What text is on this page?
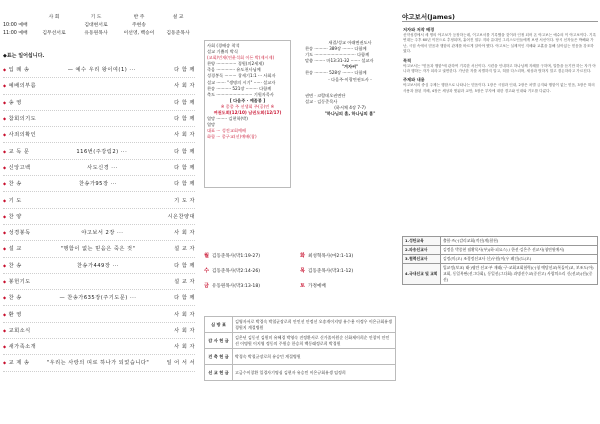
사 회	기 도	반 주	설 교
10:00 예배	김대현서로	주현송
11:00 예배	김무선서로	유동원목사	이선영, 백승이	김동준목사
◆표는 일어섭니다.
◆ 입 례 송	— 예수 우리 왕이여(1) ···	다 함 께
◆ 예배의부름	사 회 자
◆ 송 영	다 함 께
◆ 참회의기도	다 함 께
◆ 사죄의확인	사 회 자
◆ 교 독 문	116번(주강림2) ···	다 함 께
◆ 신앙고백	사도신경 ···	다 함 께
◆ 찬 송	찬송가95장 ···	다 함 께
◆ 기 도	기 도 자
◆ 찬 양	시온찬양대
◆ 성경봉독	야고보서 2장 ···	사 회 자
◆ 설 교	"행함이 없는 믿음은 죽은 것"	설 교 자
◆ 찬 송	찬송가449장 ···	다 함 께
◆ 봉헌기도	설 교 자
◆ 찬 송	— 찬송가635장(주기도문) ···	다 함 께
◆ 환 영	사 회 자
◆ 교회소식	사 회 자
◆ 새가족소개	사 회 자
◆ 교 제 송	"우리는 사랑의 띠로 하나가 되었습니다"	일 어 서 서
사회 (경배송 착석
설교 기쁨의 박식
(교회/민재(연윤석회 이든 박(제시제)
찬양 ··············· 경원(의2세제)
죽음 ·············· 유도천사님예
성경봉독 ········· 창세기1:1 ··· 사회자
설교 ······· "생명의 시기" ······ 설교자
찬송 ··········· 521장 ········· 다함께
축도 ··························· 기원자목사
[ 다음주 · 예꼼봉 ]
※ 종종 주 선생회 주(공)민 ※
여권도회(12/10) 남권도회(12/17)
열망 ········ 김현학(박)
열망
대표 ··· 성전교회예배
화합 ··· 종구교(선)예배(참)
새결/성교 아래면권도사
찬송 ·········· 389장 ········ 다함께
기도 ······························· 다함께
말씀 ········ 마13:31-32 ······· 설교자
"겨자씨"
찬송 ·········· 528장 ········ 다함께
- 다음주-이광연권도사 -
권면 · 코람데오권면단
설교 · 김동준목사
(하서체 4장 7-7)
"하나님의 흠, 하나님의 흠"
월 김동준목사(막1:19-27)	화 최성혁목사(마2:1-13)
수 김동준목사(막2:14-26)	목 김동준목사(막3:1-12)
금 유동원목사(막3:13-18)	토 가정예배
심 방 표	김영자서로 박경숙 박철균장로희 안인선 안정선 오송개이지명 유수용 이정우 이은규회유생 경원지 계절병원
감 사 헌 금	김은년 김동선 김원미 유혜경 박영숙 진정환서로 신가졸이원순 신화제이희순 안창이 안인선 이명원 이지영 정동의 주원승 한승희 백동래정로희 박경원
건 축 헌 금	박경숙 박철균장로희 유승민 계절병원
선 교 헌 금	고금수이창환 입경자기명심 김현자 유승민 이은규회유생 임정희
야고보서(James)
저자와 저작 배경

신약성경에서 세 명의 야고보가 등장하는데, 이고보서를 기록했을 것이라 인정 되어 온 야고보는 예수의 이 야고보이다. 기록 연대는 주후 60년 이전으로 추정되며, 흩어진 열두 지파 유대인 그리스도인들에게 보낸 서신이다. 당시 신자들은 박해와 가난, 시험 속에서 믿음과 행함의 관계를 바르게 알아야 했다. 야고보는 실제적인 지혜와 교훈을 통해 살아있는 믿음을 강조하였다.

목적

야고보서는 "믿음과 행함"에 관하여 기록한 서신이다. 시련을 인내하고 하나님께 지혜를 구하며, 말씀을 듣기만 하는 자가 아니라 행하는 자가 되라고 권면한다. 가난한 자를 차별하지 말고, 혀를 다스리며, 세상과 벗하지 말고 겸손하라고 가르친다.

주제와 내용

야고보서의 중심 주제는 행함으로 나타나는 믿음이다. 1장은 시험과 인내, 2장은 차별 금지와 행함이 없는 믿음, 3장은 혀의 사용과 참된 지혜, 4장은 세상과 벗됨과 교만, 5장은 부자에 대한 경고와 인내와 기도를 다룬다.

1.성탄교육	출합·즈(·)감리교회(적선(계)합천)
2.파송선교사	김정음 박종현 필황목사(부)(하·피요스) / 한선·김은주 선교사(청연원예서)
3.협력선교사	김정(미(오) 조경정선교사 신)우원(이(우 폐건)(드(오)
4.국내선교 및 교회	입교정(보교) 태·)평안 선교·부 재래(·구·교회교회협력)(·)청 예담선교(복둘이)교, 보조도(아) 교회, 동일복판(선그다회), 동일선(그다회) 과명선수교(중선고) 사랑의소리 신(선교)(선)(중선)
